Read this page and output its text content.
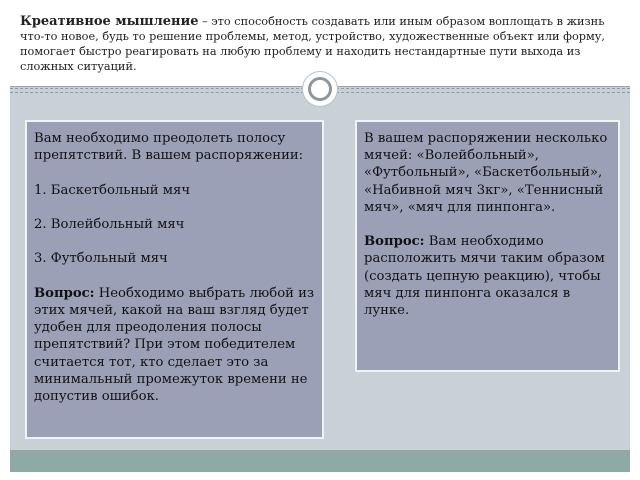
Креативное мышление – это способность создавать или иным образом воплощать в жизнь что-то новое, будь то решение проблемы, метод, устройство, художественные объект или форму, помогает быстро реагировать на любую проблему и находить нестандартные пути выхода из сложных ситуаций.

Вам необходимо преодолеть полосу препятствий. В вашем распоряжении:

1. Баскетбольный мяч

2. Волейбольный мяч

3. Футбольный мяч

Вопрос: Необходимо выбрать любой из этих мячей, какой на ваш взгляд будет удобен для преодоления полосы препятствий? При этом победителем считается тот, кто сделает это за минимальный промежуток времени не допустив ошибок.

В вашем распоряжении несколько мячей: «Волейбольный», «Футбольный», «Баскетбольный», «Набивной мяч 3кг», «Теннисный мяч», «мяч для пинпонга».

Вопрос: Вам необходимо расположить мячи таким образом (создать цепную реакцию), чтобы мяч для пинпонга оказался в лунке.
